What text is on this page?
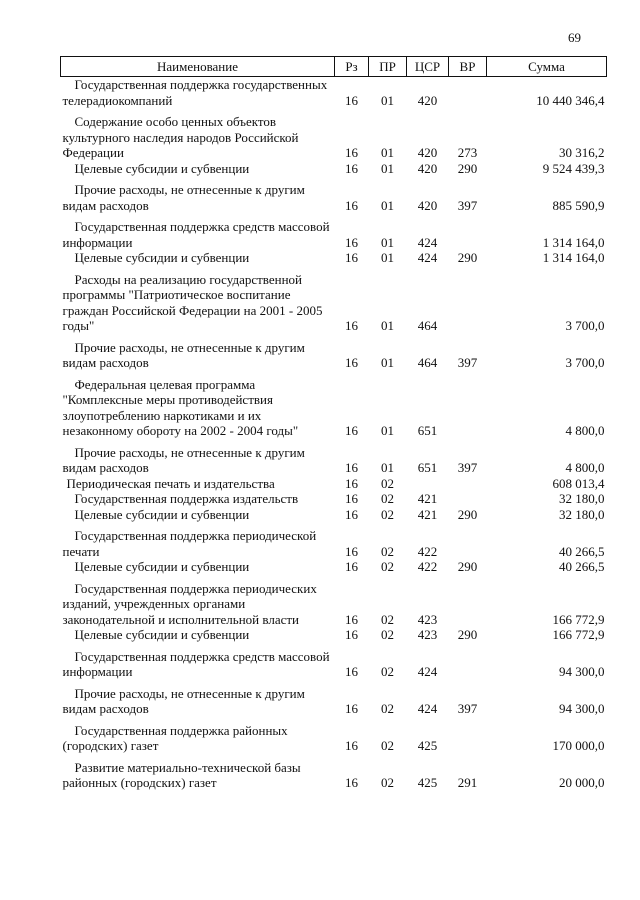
69
Наименование	Рз	ПР	ЦСР	ВР	Сумма

Государственная поддержка государственных телерадиокомпаний	16	01	420		10 440 346,4

Содержание особо ценных объектов культурного наследия народов Российской Федерации	16	01	420	273	30 316,2

Целевые субсидии и субвенции	16	01	420	290	9 524 439,3

Прочие расходы, не отнесенные к другим видам расходов	16	01	420	397	885 590,9

Государственная поддержка средств массовой информации	16	01	424		1 314 164,0

Целевые субсидии и субвенции	16	01	424	290	1 314 164,0

Расходы на реализацию государственной программы "Патриотическое воспитание граждан Российской Федерации на 2001 - 2005 годы"	16	01	464		3 700,0

Прочие расходы, не отнесенные к другим видам расходов	16	01	464	397	3 700,0

Федеральная целевая программа "Комплексные меры противодействия злоупотреблению наркотиками и их незаконному обороту на 2002 - 2004 годы"	16	01	651		4 800,0

Прочие расходы, не отнесенные к другим видам расходов	16	01	651	397	4 800,0

Периодическая печать и издательства	16	02			608 013,4

Государственная поддержка издательств	16	02	421		32 180,0

Целевые субсидии и субвенции	16	02	421	290	32 180,0

Государственная поддержка периодической печати	16	02	422		40 266,5

Целевые субсидии и субвенции	16	02	422	290	40 266,5

Государственная поддержка периодических изданий, учрежденных органами законодательной и исполнительной власти	16	02	423		166 772,9

Целевые субсидии и субвенции	16	02	423	290	166 772,9

Государственная поддержка средств массовой информации	16	02	424		94 300,0

Прочие расходы, не отнесенные к другим видам расходов	16	02	424	397	94 300,0

Государственная поддержка районных (городских) газет	16	02	425		170 000,0

Развитие материально-технической базы районных (городских) газет	16	02	425	291	20 000,0
